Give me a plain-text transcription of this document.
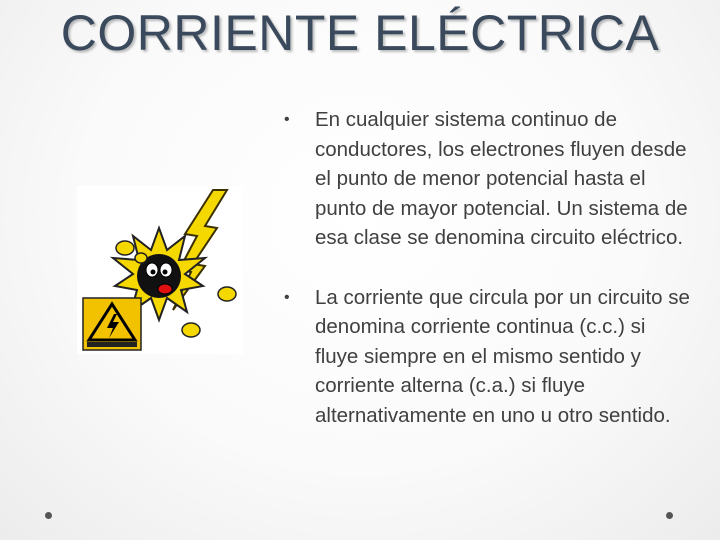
CORRIENTE ELÉCTRICA
• En cualquier sistema continuo de conductores, los electrones fluyen desde el punto de menor potencial hasta el punto de mayor potencial. Un sistema de esa clase se denomina circuito eléctrico.
• La corriente que circula por un circuito se denomina corriente continua (c.c.) si fluye siempre en el mismo sentido y corriente alterna (c.a.) si fluye alternativamente en uno u otro sentido.
